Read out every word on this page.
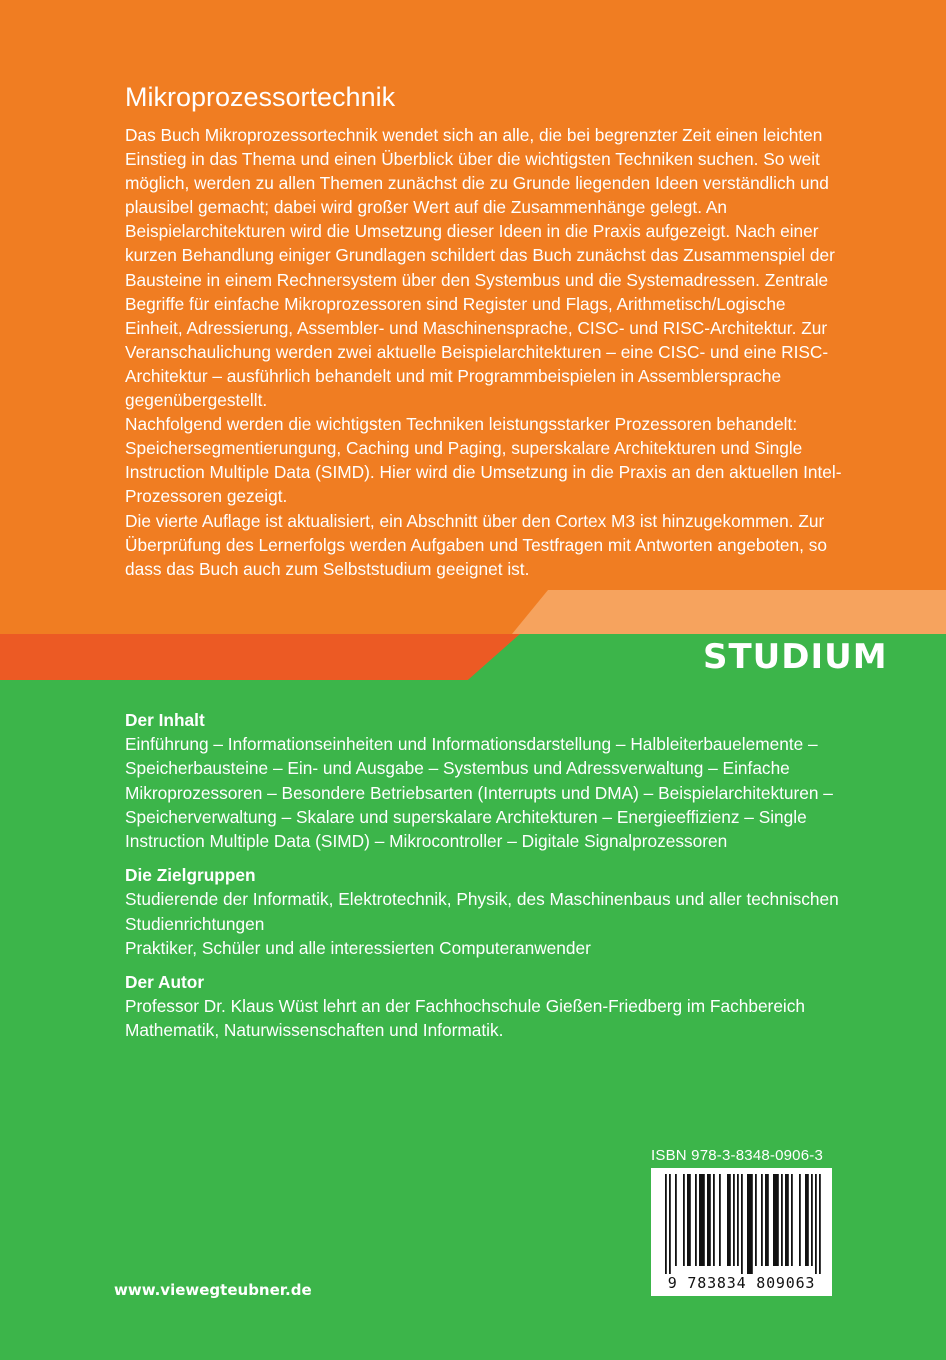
Mikroprozessortechnik

Das Buch Mikroprozessortechnik wendet sich an alle, die bei begrenzter Zeit einen leichten Einstieg in das Thema und einen Überblick über die wichtigsten Techniken suchen. So weit möglich, werden zu allen Themen zunächst die zu Grunde liegenden Ideen verständlich und plausibel gemacht; dabei wird großer Wert auf die Zusammenhänge gelegt. An Beispielarchitekturen wird die Umsetzung dieser Ideen in die Praxis aufgezeigt. Nach einer kurzen Behandlung einiger Grundlagen schildert das Buch zunächst das Zusammenspiel der Bausteine in einem Rechnersystem über den Systembus und die Systemadressen. Zentrale Begriffe für einfache Mikroprozessoren sind Register und Flags, Arithmetisch/Logische Einheit, Adressierung, Assembler- und Maschinensprache, CISC- und RISC-Architektur. Zur Veranschaulichung werden zwei aktuelle Beispielarchitekturen – eine CISC- und eine RISC-Architektur – ausführlich behandelt und mit Programmbeispielen in Assemblersprache gegenübergestellt.

Nachfolgend werden die wichtigsten Techniken leistungsstarker Prozessoren behandelt: Speichersegmentierungung, Caching und Paging, superskalare Architekturen und Single Instruction Multiple Data (SIMD). Hier wird die Umsetzung in die Praxis an den aktuellen Intel-Prozessoren gezeigt.

Die vierte Auflage ist aktualisiert, ein Abschnitt über den Cortex M3 ist hinzugekommen. Zur Überprüfung des Lernerfolgs werden Aufgaben und Testfragen mit Antworten angeboten, so dass das Buch auch zum Selbststudium geeignet ist.

STUDIUM
Der Inhalt

Einführung – Informationseinheiten und Informationsdarstellung – Halbleiterbauelemente – Speicherbausteine – Ein- und Ausgabe – Systembus und Adressverwaltung – Einfache Mikroprozessoren – Besondere Betriebsarten (Interrupts und DMA) – Beispielarchitekturen – Speicherverwaltung – Skalare und superskalare Architekturen – Energieeffizienz – Single Instruction Multiple Data (SIMD) – Mikrocontroller – Digitale Signalprozessoren

Die Zielgruppen

Studierende der Informatik, Elektrotechnik, Physik, des Maschinenbaus und aller technischen Studienrichtungen

Praktiker, Schüler und alle interessierten Computeranwender

Der Autor

Professor Dr. Klaus Wüst lehrt an der Fachhochschule Gießen-Friedberg im Fachbereich Mathematik, Naturwissenschaften und Informatik.

ISBN 978-3-8348-0906-3
9 783834 809063
www.viewegteubner.de
